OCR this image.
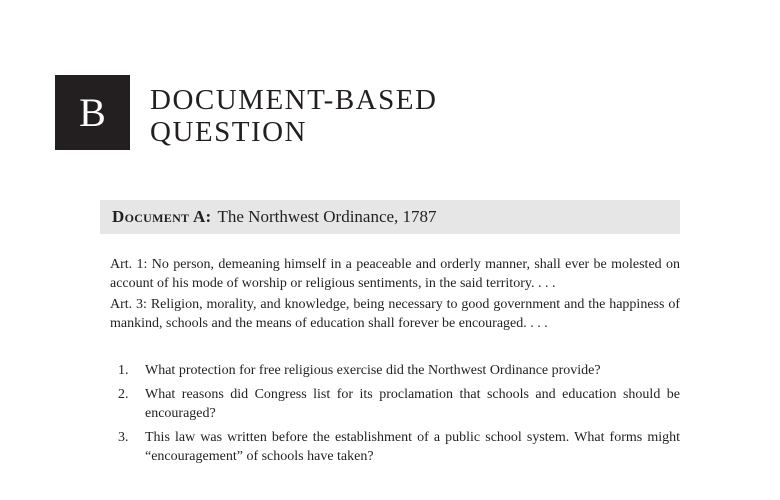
B DOCUMENT-BASED
QUESTION
Document A: The Northwest Ordinance, 1787

Art. 1: No person, demeaning himself in a peaceable and orderly manner, shall ever be molested on account of his mode of worship or religious sentiments, in the said territory. . . .

Art. 3: Religion, morality, and knowledge, being necessary to good government and the happiness of mankind, schools and the means of education shall forever be encouraged. . . .

1.	What protection for free religious exercise did the Northwest Ordinance provide?
2.	What reasons did Congress list for its proclamation that schools and education should be encouraged?
3.	This law was written before the establishment of a public school system. What forms might “encouragement” of schools have taken?
